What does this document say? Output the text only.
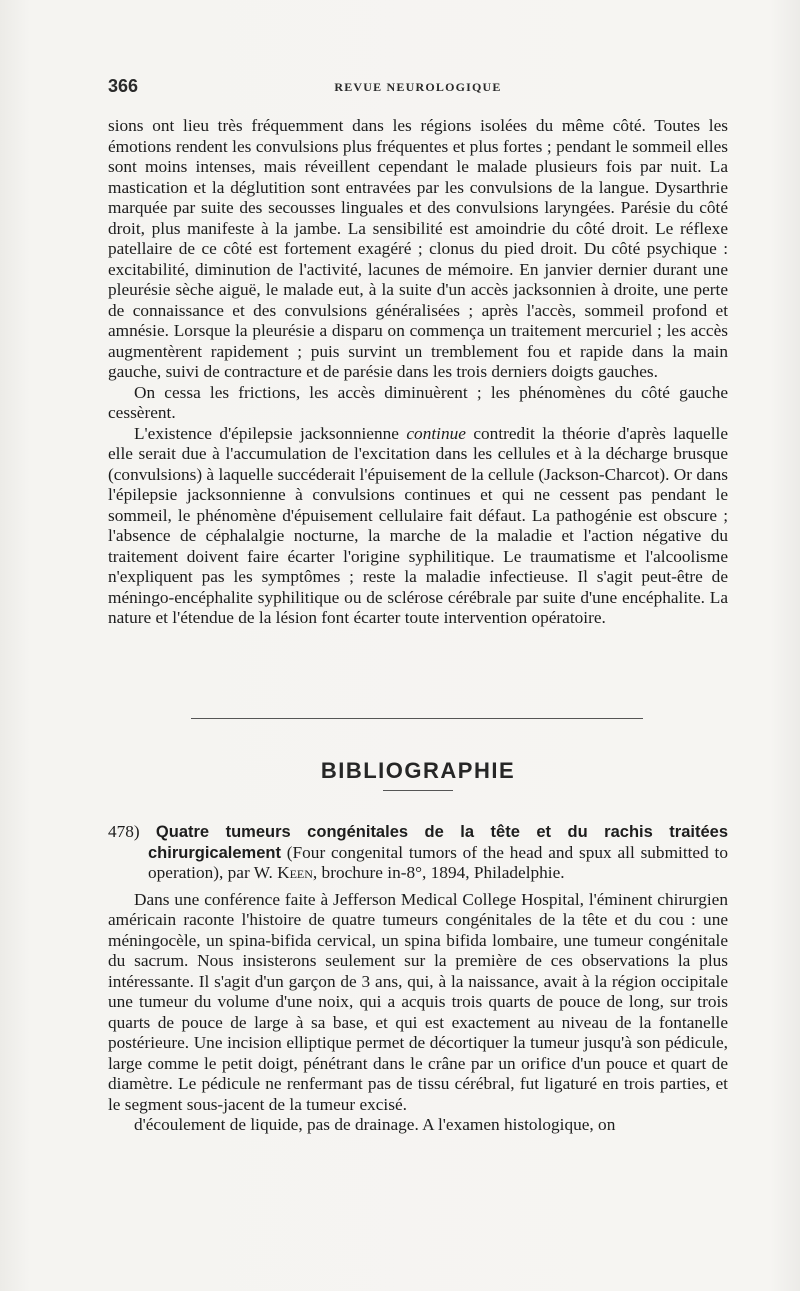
366	REVUE NEUROLOGIQUE

sions ont lieu très fréquemment dans les régions isolées du même côté. Toutes les émotions rendent les convulsions plus fréquentes et plus fortes ; pendant le sommeil elles sont moins intenses, mais réveillent cependant le malade plusieurs fois par nuit. La mastication et la déglutition sont entravées par les convulsions de la langue. Dysarthrie marquée par suite des secousses linguales et des convulsions laryngées. Parésie du côté droit, plus manifeste à la jambe. La sensibilité est amoindrie du côté droit. Le réflexe patellaire de ce côté est fortement exagéré ; clonus du pied droit. Du côté psychique : excitabilité, diminution de l'activité, lacunes de mémoire. En janvier dernier durant une pleurésie sèche aiguë, le malade eut, à la suite d'un accès jacksonnien à droite, une perte de connaissance et des convulsions généralisées ; après l'accès, sommeil profond et amnésie. Lorsque la pleurésie a disparu on commença un traitement mercuriel ; les accès augmentèrent rapidement ; puis survint un tremblement fou et rapide dans la main gauche, suivi de contracture et de parésie dans les trois derniers doigts gauches.

On cessa les frictions, les accès diminuèrent ; les phénomènes du côté gauche cessèrent.

L'existence d'épilepsie jacksonnienne continue contredit la théorie d'après laquelle elle serait due à l'accumulation de l'excitation dans les cellules et à la décharge brusque (convulsions) à laquelle succéderait l'épuisement de la cellule (Jackson-Charcot). Or dans l'épilepsie jacksonnienne à convulsions continues et qui ne cessent pas pendant le sommeil, le phénomène d'épuisement cellulaire fait défaut. La pathogénie est obscure ; l'absence de céphalalgie nocturne, la marche de la maladie et l'action négative du traitement doivent faire écarter l'origine syphilitique. Le traumatisme et l'alcoolisme n'expliquent pas les symptômes ; reste la maladie infectieuse. Il s'agit peut-être de méningo-encéphalite syphilitique ou de sclérose cérébrale par suite d'une encéphalite. La nature et l'étendue de la lésion font écarter toute intervention opératoire.

BIBLIOGRAPHIE

478) Quatre tumeurs congénitales de la tête et du rachis traitées chirurgicalement (Four congenital tumors of the head and spux all submitted to operation), par W. Keen, brochure in-8°, 1894, Philadelphie.

Dans une conférence faite à Jefferson Medical College Hospital, l'éminent chirurgien américain raconte l'histoire de quatre tumeurs congénitales de la tête et du cou : une méningocèle, un spina-bifida cervical, un spina bifida lombaire, une tumeur congénitale du sacrum. Nous insisterons seulement sur la première de ces observations la plus intéressante. Il s'agit d'un garçon de 3 ans, qui, à la naissance, avait à la région occipitale une tumeur du volume d'une noix, qui a acquis trois quarts de pouce de long, sur trois quarts de pouce de large à sa base, et qui est exactement au niveau de la fontanelle postérieure. Une incision elliptique permet de décortiquer la tumeur jusqu'à son pédicule, large comme le petit doigt, pénétrant dans le crâne par un orifice d'un pouce et quart de diamètre. Le pédicule ne renfermant pas de tissu cérébral, fut ligaturé en trois parties, et le segment sous-jacent de la tumeur excisé.

d'écoulement de liquide, pas de drainage. A l'examen histologique, on
